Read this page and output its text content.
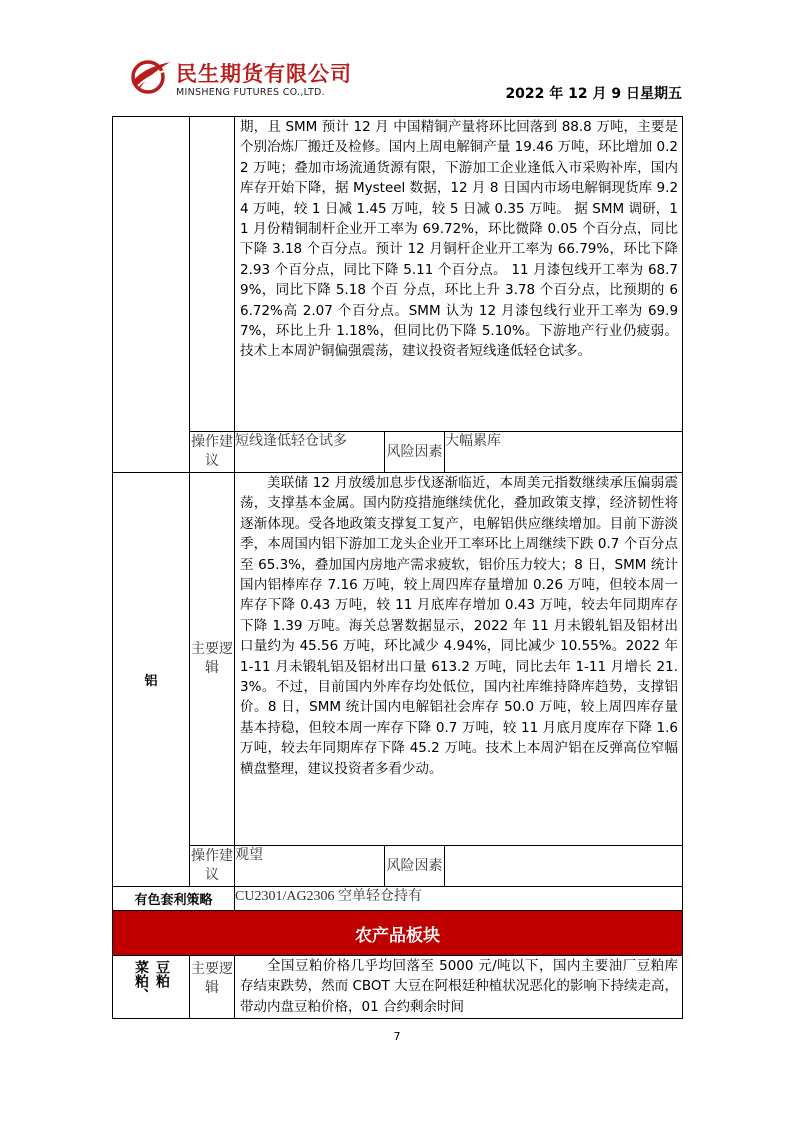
民生期货有限公司
MINSHENG FUTURES CO.,LTD.	2022 年 12 月 9 日星期五

		期，且 SMM 预计 12 月 中国精铜产量将环比回落到 88.8 万吨，主要是个别冶炼厂搬迁及检修。国内上周电解铜产量 19.46 万吨，环比增加 0.22 万吨；叠加市场流通货源有限，下游加工企业逢低入市采购补库，国内库存开始下降，据 Mysteel 数据，12 月 8 日国内市场电解铜现货库 9.24 万吨，较 1 日减 1.45 万吨，较 5 日减 0.35 万吨。 据 SMM 调研，11 月份精铜制杆企业开工率为 69.72%，环比微降 0.05 个百分点，同比下降 3.18 个百分点。预计 12 月铜杆企业开工率为 66.79%，环比下降 2.93 个百分点，同比下降 5.11 个百分点。 11 月漆包线开工率为 68.79%，同比下降 5.18 个百 分点，环比上升 3.78 个百分点，比预期的 66.72%高 2.07 个百分点。SMM 认为 12 月漆包线行业开工率为 69.97%，环比上升 1.18%，但同比仍下降 5.10%。下游地产行业仍疲弱。技术上本周沪铜偏强震荡，建议投资者短线逢低轻仓试多。		

	操作建议	短线逢低轻仓试多	风险因素	大幅累库
铝	主要逻辑	美联储 12 月放缓加息步伐逐渐临近，本周美元指数继续承压偏弱震荡，支撑基本金属。国内防疫措施继续优化，叠加政策支撑，经济韧性将逐渐体现。受各地政策支撑复工复产，电解铝供应继续增加。目前下游淡季，本周国内铝下游加工龙头企业开工率环比上周继续下跌 0.7 个百分点至 65.3%，叠加国内房地产需求疲软，铝价压力较大；8 日，SMM 统计国内铝棒库存 7.16 万吨，较上周四库存量增加 0.26 万吨，但较本周一库存下降 0.43 万吨，较 11 月底库存增加 0.43 万吨，较去年同期库存下降 1.39 万吨。海关总署数据显示，2022 年 11 月未锻轧铝及铝材出口量约为 45.56 万吨，环比减少 4.94%，同比减少 10.55%。2022 年 1-11 月未锻轧铝及铝材出口量 613.2 万吨，同比去年 1-11 月增长 21.3%。不过，目前国内外库存均处低位，国内社库维持降库趋势，支撑铝价。8 日，SMM 统计国内电解铝社会库存 50.0 万吨，较上周四库存量基本持稳，但较本周一库存下降 0.7 万吨，较 11 月底月度库存下降 1.6 万吨，较去年同期库存下降 45.2 万吨。技术上本周沪铝在反弹高位窄幅横盘整理，建议投资者多看少动。		

	操作建议	观望	风险因素	
有色套利策略		CU2301/AG2306 空单轻仓持有		
农产品板块				

菜粕、 豆粕	主要逻辑	全国豆粕价格几乎均回落至 5000 元/吨以下，国内主要油厂豆粕库存结束跌势，然而 CBOT 大豆在阿根廷种植状况恶化的影响下持续走高，带动内盘豆粕价格，01 合约剩余时间		
7
